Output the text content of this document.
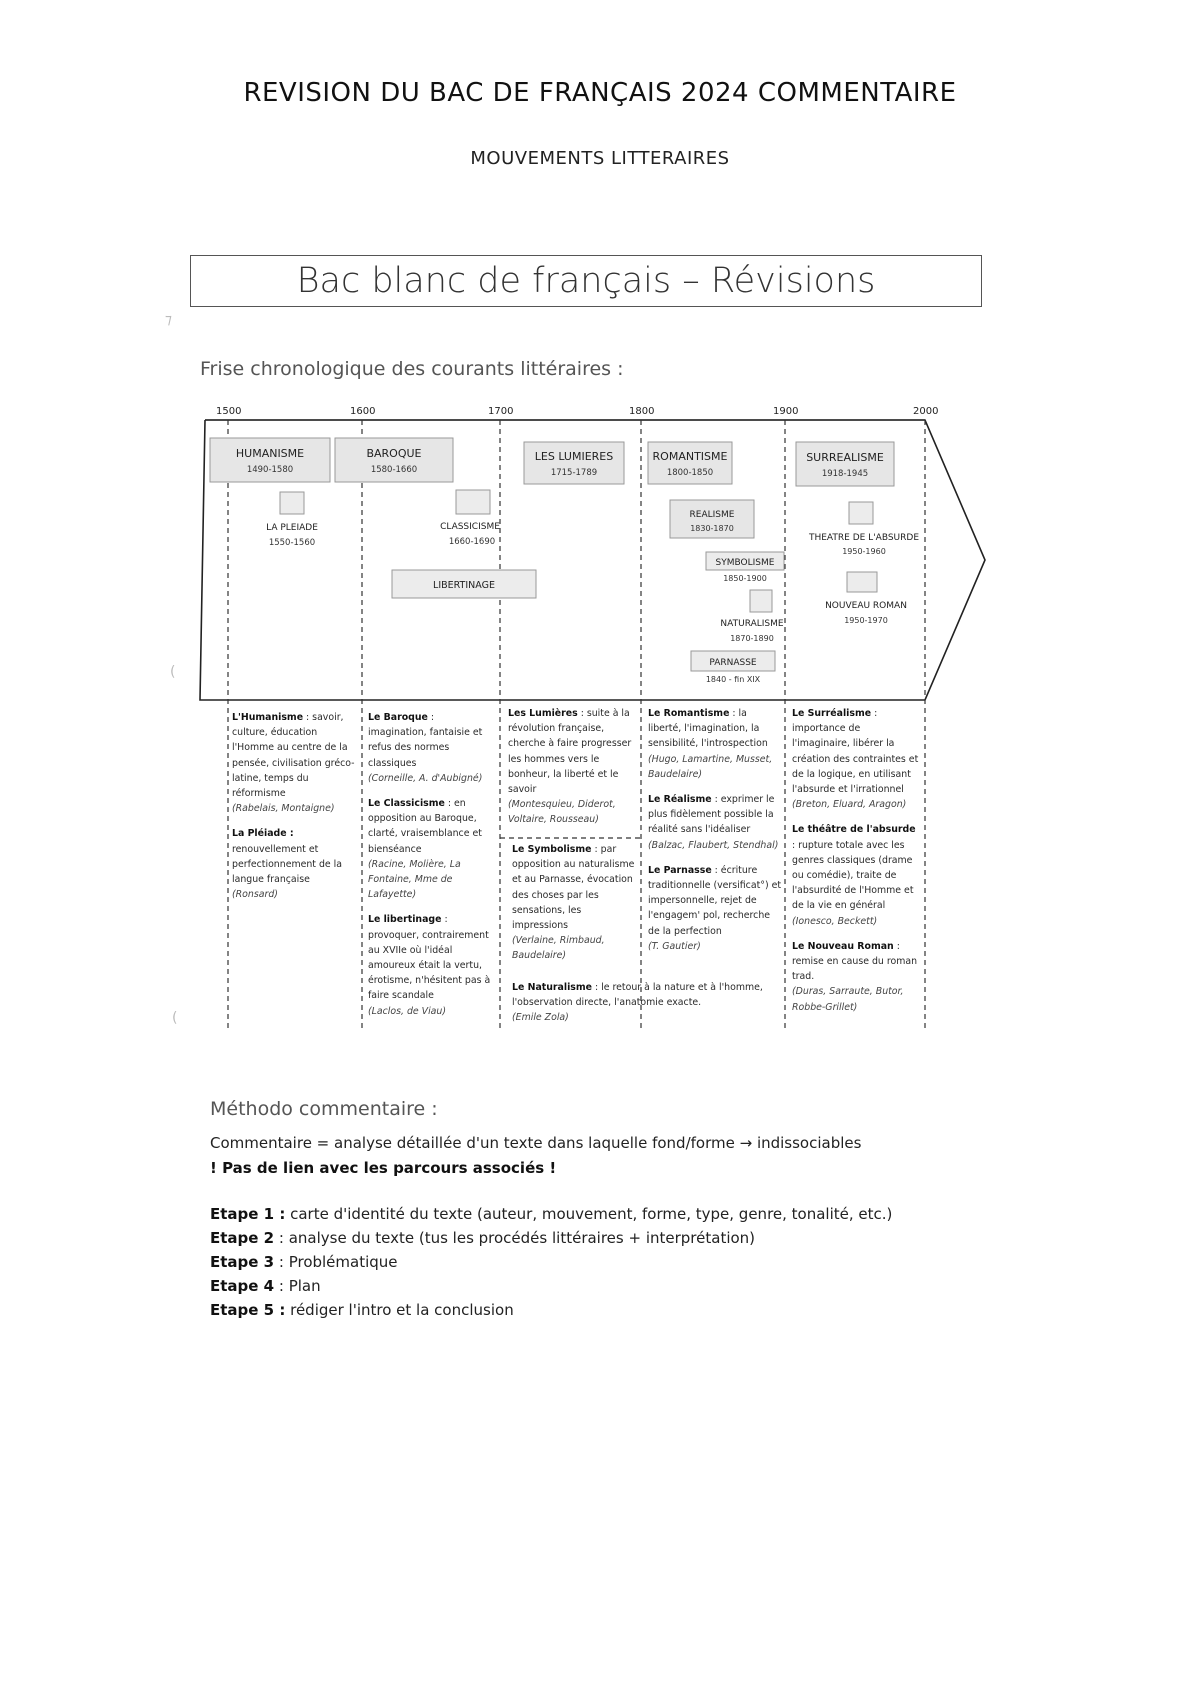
REVISION DU BAC DE FRANÇAIS 2024 COMMENTAIRE
MOUVEMENTS LITTERAIRES
Bac blanc de français – Révisions
Frise chronologique des courants littéraires :
1500	1600	1700	1800	1900	2000
HUMANISME
1490-1580
BAROQUE
1580-1660
LES LUMIERES
1715-1789
ROMANTISME
1800-1850
SURREALISME
1918-1945
LA PLEIADE
1550-1560
CLASSICISME
1660-1690
LIBERTINAGE
REALISME
1830-1870
SYMBOLISME
1850-1900
NATURALISME
1870-1890
PARNASSE
1840 - fin XIX
THEATRE DE L'ABSURDE
1950-1960
NOUVEAU ROMAN
1950-1970

L'Humanisme : savoir, culture, éducation l'Homme au centre de la pensée, civilisation gréco-latine, temps du réformisme
(Rabelais, Montaigne)

La Pléiade : renouvellement et perfectionnement de la langue française
(Ronsard)

Le Baroque : imagination, fantaisie et refus des normes classiques
(Corneille, A. d'Aubigné)

Le Classicisme : en opposition au Baroque, clarté, vraisemblance et bienséance
(Racine, Molière, La Fontaine, Mme de Lafayette)

Le libertinage : provoquer, contrairement au XVIIe où l'idéal amoureux était la vertu, érotisme, n'hésitent pas à faire scandale
(Laclos, de Viau)

Les Lumières : suite à la révolution française, cherche à faire progresser les hommes vers le bonheur, la liberté et le savoir
(Montesquieu, Diderot, Voltaire, Rousseau)

Le Symbolisme : par opposition au naturalisme et au Parnasse, évocation des choses par les sensations, les impressions
(Verlaine, Rimbaud, Baudelaire)

Le Romantisme : la liberté, l'imagination, la sensibilité, l'introspection
(Hugo, Lamartine, Musset, Baudelaire)

Le Réalisme : exprimer le plus fidèlement possible la réalité sans l'idéaliser
(Balzac, Flaubert, Stendhal)

Le Parnasse : écriture traditionnelle (versificat°) et impersonnelle, rejet de l'engagem' pol, recherche de la perfection
(T. Gautier)

Le Naturalisme : le retour à la nature et à l'homme, l'observation directe, l'anatomie exacte.
(Emile Zola)

Le Surréalisme : importance de l'imaginaire, libérer la création des contraintes et de la logique, en utilisant l'absurde et l'irrationnel
(Breton, Eluard, Aragon)

Le théâtre de l'absurde : rupture totale avec les genres classiques (drame ou comédie), traite de l'absurdité de l'Homme et de la vie en général
(Ionesco, Beckett)

Le Nouveau Roman : remise en cause du roman trad.
(Duras, Sarraute, Butor, Robbe-Grillet)

⁊
(
(
Méthodo commentaire :
Commentaire = analyse détaillée d'un texte dans laquelle fond/forme → indissociables
! Pas de lien avec les parcours associés !
Etape 1 : carte d'identité du texte (auteur, mouvement, forme, type, genre, tonalité, etc.)
Etape 2 : analyse du texte (tus les procédés littéraires + interprétation)
Etape 3 : Problématique
Etape 4 : Plan
Etape 5 : rédiger l'intro et la conclusion
